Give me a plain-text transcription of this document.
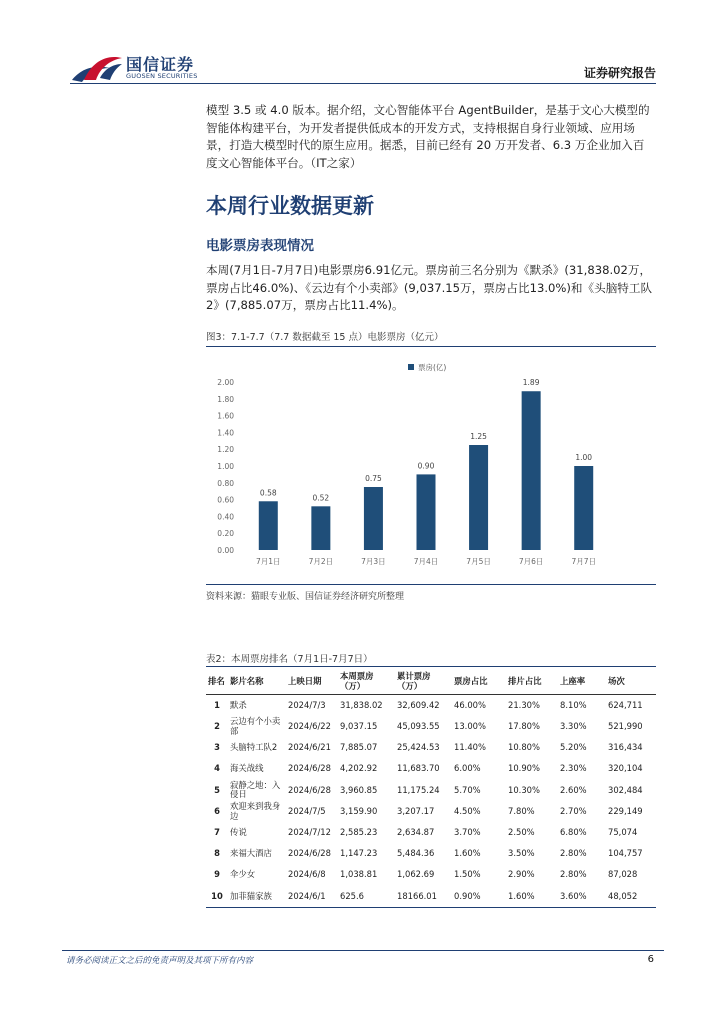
国信证券
GUOSEN SECURITIES	证券研究报告
模型 3.5 或 4.0 版本。据介绍，文心智能体平台 AgentBuilder，是基于文心大模型的智能体构建平台，为开发者提供低成本的开发方式，支持根据自身行业领域、应用场景，打造大模型时代的原生应用。据悉，目前已经有 20 万开发者、6.3 万企业加入百度文心智能体平台。（IT之家）
本周行业数据更新
电影票房表现情况
本周(7月1日-7月7日)电影票房6.91亿元。票房前三名分别为《默杀》(31,838.02万，票房占比46.0%)、《云边有个小卖部》(9,037.15万，票房占比13.0%)和《头脑特工队2》(7,885.07万，票房占比11.4%)。
图3：7.1-7.7（7.7 数据截至 15 点）电影票房（亿元）
0.00
0.20
0.40
0.60
0.80
1.00
1.20
1.40
1.60
1.80
2.00
0.58
7月1日
0.52
7月2日
0.75
7月3日
0.90
7月4日
1.25
7月5日
1.89
7月6日
1.00
7月7日
票房(亿)
资料来源：猫眼专业版、国信证券经济研究所整理
表2：本周票房排名（7月1日-7月7日）
排名	影片名称	上映日期	本周票房（万）	累计票房（万）	票房占比	排片占比	上座率	场次
1	默杀	2024/7/3	31,838.02	32,609.42	46.00%	21.30%	8.10%	624,711
2	云边有个小卖部	2024/6/22	9,037.15	45,093.55	13.00%	17.80%	3.30%	521,990
3	头脑特工队2	2024/6/21	7,885.07	25,424.53	11.40%	10.80%	5.20%	316,434
4	海关战线	2024/6/28	4,202.92	11,683.70	6.00%	10.90%	2.30%	320,104
5	寂静之地：入侵日	2024/6/28	3,960.85	11,175.24	5.70%	10.30%	2.60%	302,484
6	欢迎来到我身边	2024/7/5	3,159.90	3,207.17	4.50%	7.80%	2.70%	229,149
7	传说	2024/7/12	2,585.23	2,634.87	3.70%	2.50%	6.80%	75,074
8	来福大酒店	2024/6/28	1,147.23	5,484.36	1.60%	3.50%	2.80%	104,757
9	伞少女	2024/6/8	1,038.81	1,062.69	1.50%	2.90%	2.80%	87,028
10	加菲猫家族	2024/6/1	625.6	18166.01	0.90%	1.60%	3.60%	48,052
请务必阅读正文之后的免责声明及其项下所有内容	6
